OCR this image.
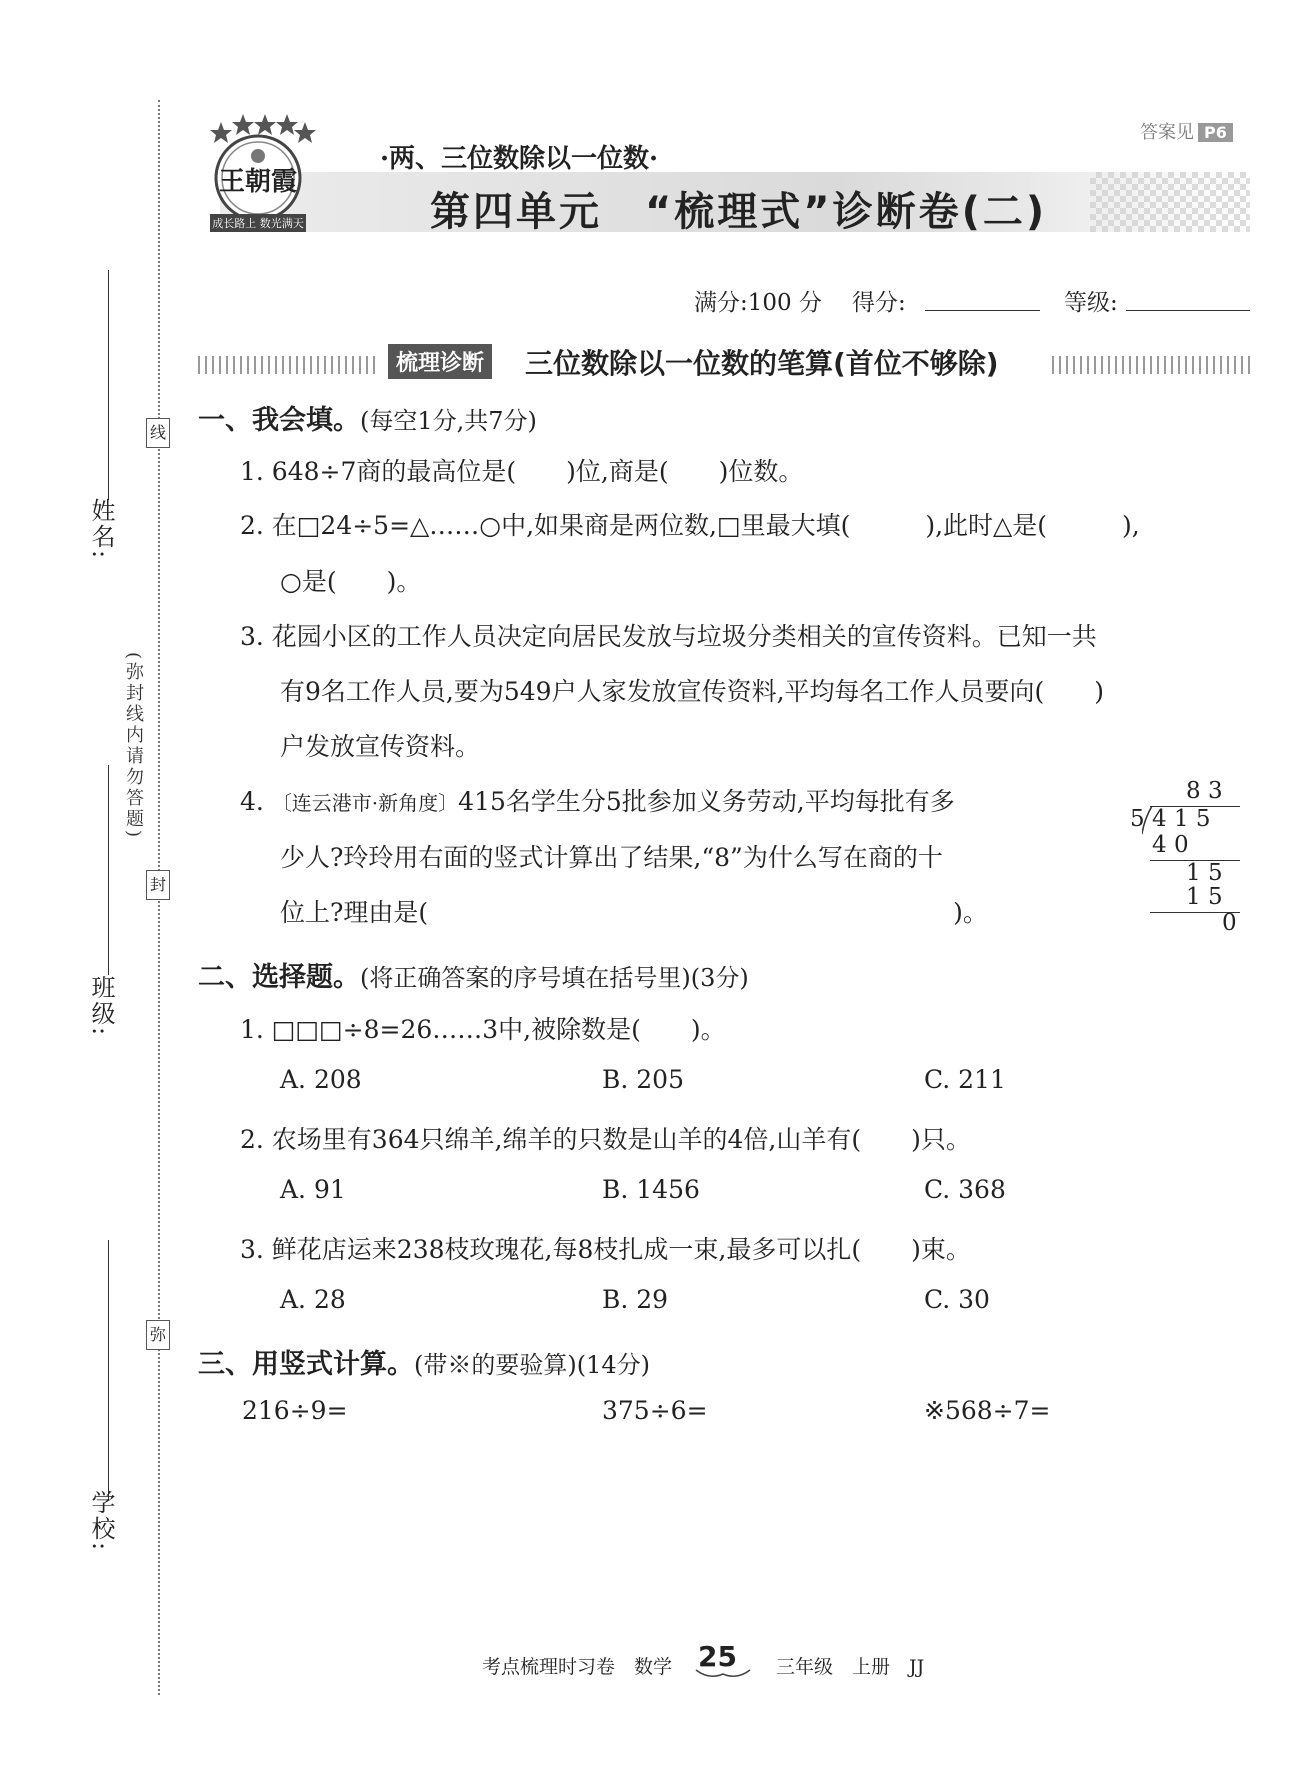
姓名:
班级:
学校:
线
封
弥
(弥封线内请勿答题)
王朝霞
成长路上 数光满天
·两、三位数除以一位数·
第四单元　“梳理式”诊断卷(二)
答案见 P6
满分:100 分 得分:	等级:
梳理诊断 三位数除以一位数的笔算(首位不够除)
一、我会填。(每空1分,共7分)
1. 648÷7商的最高位是(　　)位,商是(　　)位数。
2. 在□24÷5=△……○中,如果商是两位数,□里最大填(　　　),此时△是(　　　),
○是(　　)。
3. 花园小区的工作人员决定向居民发放与垃圾分类相关的宣传资料。已知一共
有9名工作人员,要为549户人家发放宣传资料,平均每名工作人员要向(　　)
户发放宣传资料。
4. 〔连云港市·新角度〕415名学生分5批参加义务劳动,平均每批有多
少人?玲玲用右面的竖式计算出了结果,“8”为什么写在商的十
位上?理由是(　　　　　　　　　　　　　　　　　　　　　)。
8 3
5 4 1 5
4 0
1 5
1 5
0
二、选择题。(将正确答案的序号填在括号里)(3分)
1. □□□÷8=26……3中,被除数是(　　)。
A. 208	B. 205	C. 211
2. 农场里有364只绵羊,绵羊的只数是山羊的4倍,山羊有(　　)只。
A. 91	B. 1456	C. 368
3. 鲜花店运来238枝玫瑰花,每8枝扎成一束,最多可以扎(　　)束。
A. 28	B. 29	C. 30
三、用竖式计算。(带※的要验算)(14分)
216÷9=	375÷6=	※568÷7=
考点梳理时习卷　数学 25 三年级　上册　JJ
